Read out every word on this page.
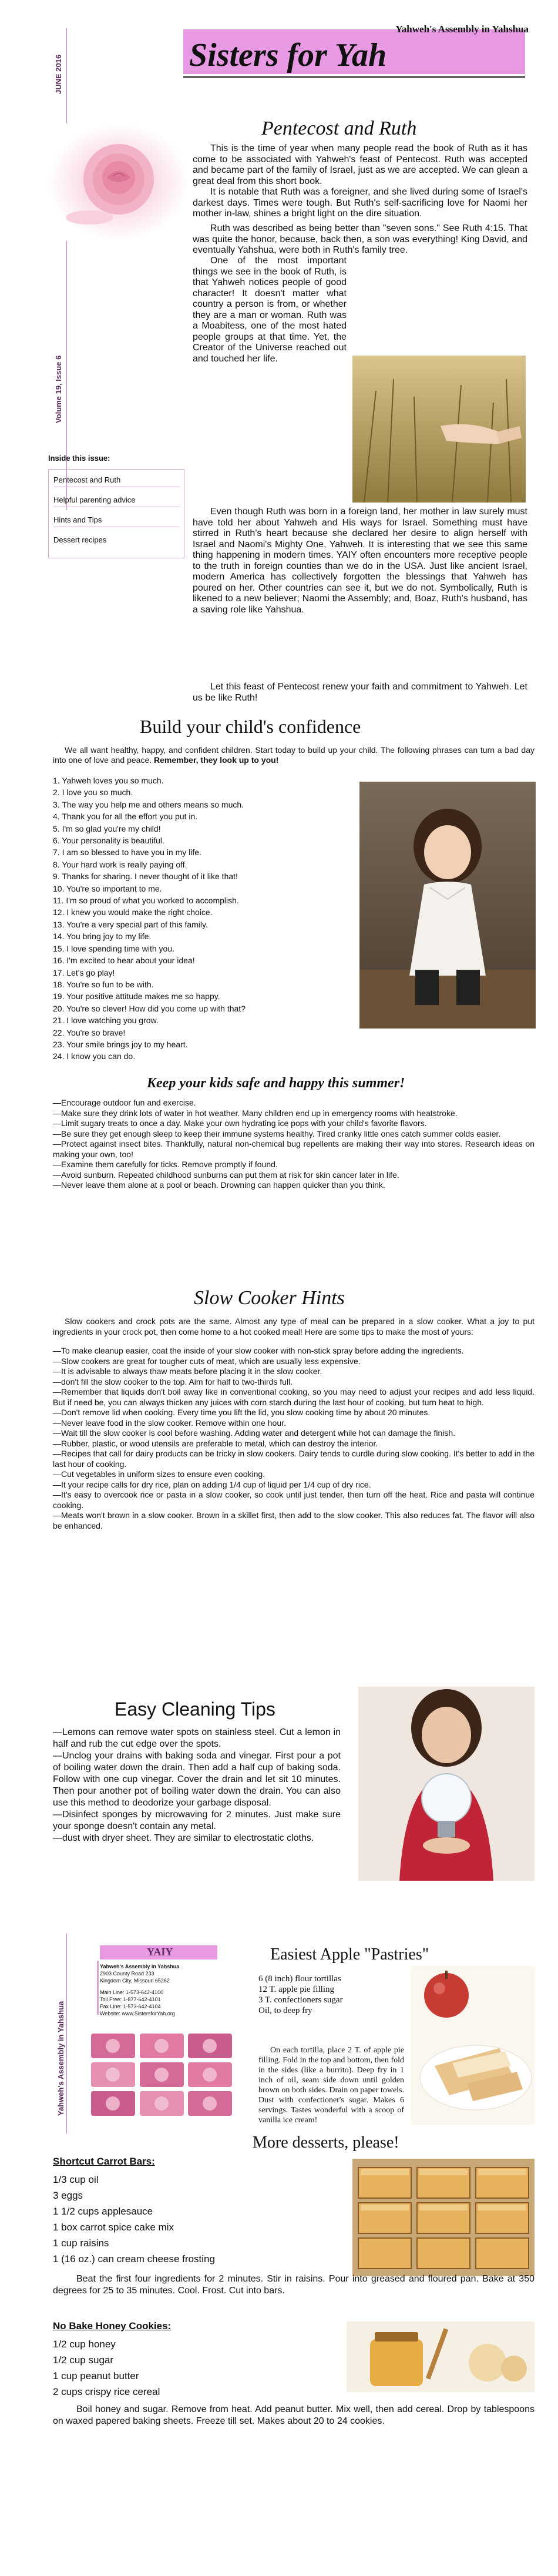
Yahweh's Assembly in Yahshua
Sisters for Yah
JUNE 2016
Volume 19, Issue 6
Inside this issue:
Pentecost and Ruth
Helpful parenting advice
Hints and Tips
Dessert recipes
Pentecost and Ruth

This is the time of year when many people read the book of Ruth as it has come to be associated with Yahweh's feast of Pentecost. Ruth was accepted and became part of the family of Israel, just as we are accepted. We can glean a great deal from this short book.

It is notable that Ruth was a foreigner, and she lived during some of Israel's darkest days. Times were tough. But Ruth's self-sacrificing love for Naomi her mother in-law, shines a bright light on the dire situation.

Ruth was described as being better than "seven sons." See Ruth 4:15. That was quite the honor, because, back then, a son was everything! King David, and eventually Yahshua, were both in Ruth's family tree.

One of the most important things we see in the book of Ruth, is that Yahweh notices people of good character! It doesn't matter what country a person is from, or whether they are a man or woman. Ruth was a Moabitess, one of the most hated people groups at that time. Yet, the Creator of the Universe reached out and touched her life.

Even though Ruth was born in a foreign land, her mother in law surely must have told her about Yahweh and His ways for Israel. Something must have stirred in Ruth's heart because she declared her desire to align herself with Israel and Naomi's Mighty One, Yahweh. It is interesting that we see this same thing happening in modern times. YAIY often encounters more receptive people to the truth in foreign counties than we do in the USA. Just like ancient Israel, modern America has collectively forgotten the blessings that Yahweh has poured on her. Other countries can see it, but we do not. Symbolically, Ruth is likened to a new believer; Naomi the Assembly; and, Boaz, Ruth's husband, has a saving role like Yahshua.

Let this feast of Pentecost renew your faith and commitment to Yahweh. Let us be like Ruth!

Build your child's confidence

We all want healthy, happy, and confident children. Start today to build up your child. The following phrases can turn a bad day into one of love and peace. Remember, they look up to you!

1. Yahweh loves you so much.
2. I love you so much.
3. The way you help me and others means so much.
4. Thank you for all the effort you put in.
5. I'm so glad you're my child!
6. Your personality is beautiful.
7. I am so blessed to have you in my life.
8. Your hard work is really paying off.
9. Thanks for sharing. I never thought of it like that!
10. You're so important to me.
11. I'm so proud of what you worked to accomplish.
12. I knew you would make the right choice.
13. You're a very special part of this family.
14. You bring joy to my life.
15. I love spending time with you.
16. I'm excited to hear about your idea!
17. Let's go play!
18. You're so fun to be with.
19. Your positive attitude makes me so happy.
20. You're so clever! How did you come up with that?
21. I love watching you grow.
22. You're so brave!
23. Your smile brings joy to my heart.
24. I know you can do.
Keep your kids safe and happy this summer!

—Encourage outdoor fun and exercise.

—Make sure they drink lots of water in hot weather. Many children end up in emergency rooms with heatstroke.

—Limit sugary treats to once a day. Make your own hydrating ice pops with your child's favorite flavors.

—Be sure they get enough sleep to keep their immune systems healthy. Tired cranky little ones catch summer colds easier.

—Protect against insect bites. Thankfully, natural non-chemical bug repellents are making their way into stores. Research ideas on making your own, too!

—Examine them carefully for ticks. Remove promptly if found.

—Avoid sunburn. Repeated childhood sunburns can put them at risk for skin cancer later in life.

—Never leave them alone at a pool or beach. Drowning can happen quicker than you think.

Slow Cooker Hints

Slow cookers and crock pots are the same. Almost any type of meal can be prepared in a slow cooker. What a joy to put ingredients in your crock pot, then come home to a hot cooked meal! Here are some tips to make the most of yours:

—To make cleanup easier, coat the inside of your slow cooker with non-stick spray before adding the ingredients.

—Slow cookers are great for tougher cuts of meat, which are usually less expensive.

—It is advisable to always thaw meats before placing it in the slow cooker.

—don't fill the slow cooker to the top. Aim for half to two-thirds full.

—Remember that liquids don't boil away like in conventional cooking, so you may need to adjust your recipes and add less liquid. But if need be, you can always thicken any juices with corn starch during the last hour of cooking, but turn heat to high.

—Don't remove lid when cooking. Every time you lift the lid, you slow cooking time by about 20 minutes.

—Never leave food in the slow cooker. Remove within one hour.

—Wait till the slow cooker is cool before washing. Adding water and detergent while hot can damage the finish.

—Rubber, plastic, or wood utensils are preferable to metal, which can destroy the interior.

—Recipes that call for dairy products can be tricky in slow cookers. Dairy tends to curdle during slow cooking. It's better to add in the last hour of cooking.

—Cut vegetables in uniform sizes to ensure even cooking.

—It your recipe calls for dry rice, plan on adding 1/4 cup of liquid per 1/4 cup of dry rice.

—It's easy to overcook rice or pasta in a slow cooker, so cook until just tender, then turn off the heat. Rice and pasta will continue cooking.

—Meats won't brown in a slow cooker. Brown in a skillet first, then add to the slow cooker. This also reduces fat. The flavor will also be enhanced.

Easy Cleaning Tips

—Lemons can remove water spots on stainless steel. Cut a lemon in half and rub the cut edge over the spots.

—Unclog your drains with baking soda and vinegar. First pour a pot of boiling water down the drain. Then add a half cup of baking soda. Follow with one cup vinegar. Cover the drain and let sit 10 minutes. Then pour another pot of boiling water down the drain. You can also use this method to deodorize your garbage disposal.

—Disinfect sponges by microwaving for 2 minutes. Just make sure your sponge doesn't contain any metal.

—dust with dryer sheet. They are similar to electrostatic cloths.

Yahweh's Assembly in Yahshua
YAIY
Yahweh's Assembly in Yahshua
2903 County Road 233
Kingdom City, Missouri 65262
Main Line: 1-573-642-4100
Toll Free: 1-877-642-4101
Fax Line: 1-573-642-4104
Website: www.SistersforYah.org
Easiest Apple "Pastries"
6 (8 inch) flour tortillas
12 T. apple pie filling
3 T. confectioners sugar
Oil, to deep fry

On each tortilla, place 2 T. of apple pie filling. Fold in the top and bottom, then fold in the sides (like a burrito). Deep fry in 1 inch of oil, seam side down until golden brown on both sides. Drain on paper towels. Dust with confectioner's sugar. Makes 6 servings. Tastes wonderful with a scoop of vanilla ice cream!

More desserts, please!
Shortcut Carrot Bars:
1/3 cup oil
3 eggs
1 1/2 cups applesauce
1 box carrot spice cake mix
1 cup raisins
1 (16 oz.) can cream cheese frosting

Beat the first four ingredients for 2 minutes. Stir in raisins. Pour into greased and floured pan. Bake at 350 degrees for 25 to 35 minutes. Cool. Frost. Cut into bars.

No Bake Honey Cookies:
1/2 cup honey
1/2 cup sugar
1 cup peanut butter
2 cups crispy rice cereal

Boil honey and sugar. Remove from heat. Add peanut butter. Mix well, then add cereal. Drop by tablespoons on waxed papered baking sheets. Freeze till set. Makes about 20 to 24 cookies.
